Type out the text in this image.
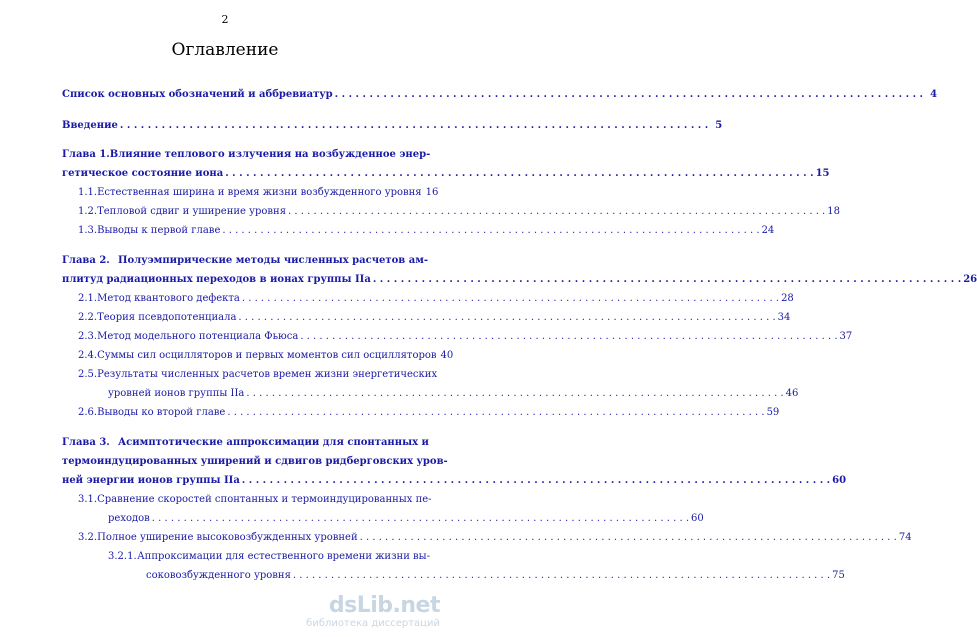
2
Оглавление
Список основных обозначений и аббревиатур . . .	4
Введение . . .	5
Глава 1. Влияние теплового излучения на возбужденное энер-
гетическое состояние иона . . .	15
1.1. Естественная ширина и время жизни возбужденного уровня 16
1.2. Тепловой сдвиг и уширение уровня . . .	18
1.3. Выводы к первой главе . . .	24
Глава 2. Полуэмпирические методы численных расчетов ам-
плитуд радиационных переходов в ионах группы IIa . . .	26
2.1. Метод квантового дефекта . . .	28
2.2. Теория псевдопотенциала . . .	34
2.3. Метод модельного потенциала Фьюса . . .	37
2.4. Суммы сил осцилляторов и первых моментов сил осцилляторов 40
2.5. Результаты численных расчетов времен жизни энергетических
уровней ионов группы IIa . . .	46
2.6. Выводы ко второй главе . . .	59
Глава 3. Асимптотические аппроксимации для спонтанных и
термоиндуцированных уширений и сдвигов ридберговских уров-
ней энергии ионов группы IIa . . .	60
3.1. Сравнение скоростей спонтанных и термоиндуцированных пе-
реходов . . .	60
3.2. Полное уширение высоковозбужденных уровней . . .	74
3.2.1. Аппроксимации для естественного времени жизни вы-
соковозбужденного уровня . . .	75
dsLib.net
библиотека диссертаций
